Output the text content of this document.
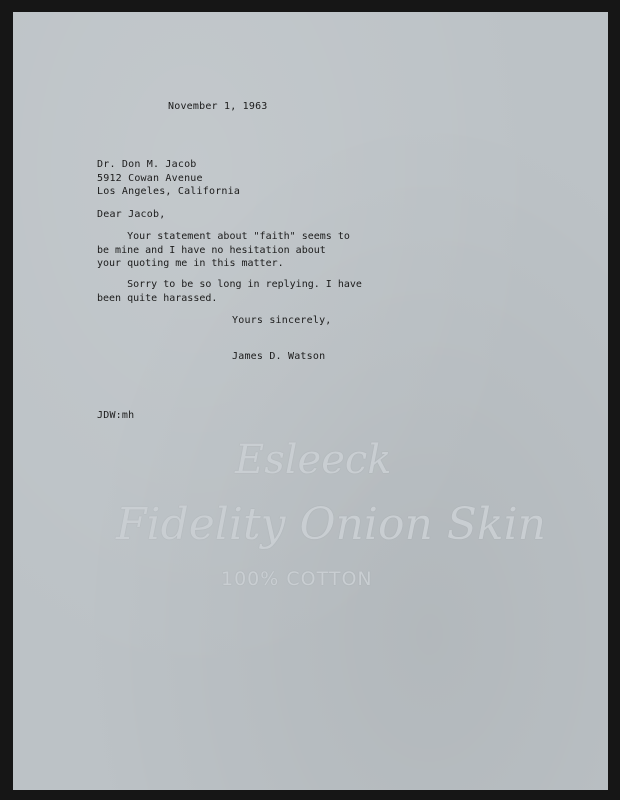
Esleeck
Fidelity Onion Skin
100% COTTON
November 1, 1963
Dr. Don M. Jacob
5912 Cowan Avenue
Los Angeles, California
Dear Jacob,
Your statement about "faith" seems to
be mine and I have no hesitation about
your quoting me in this matter.
Sorry to be so long in replying. I have
been quite harassed.
Yours sincerely,
James D. Watson
JDW:mh
